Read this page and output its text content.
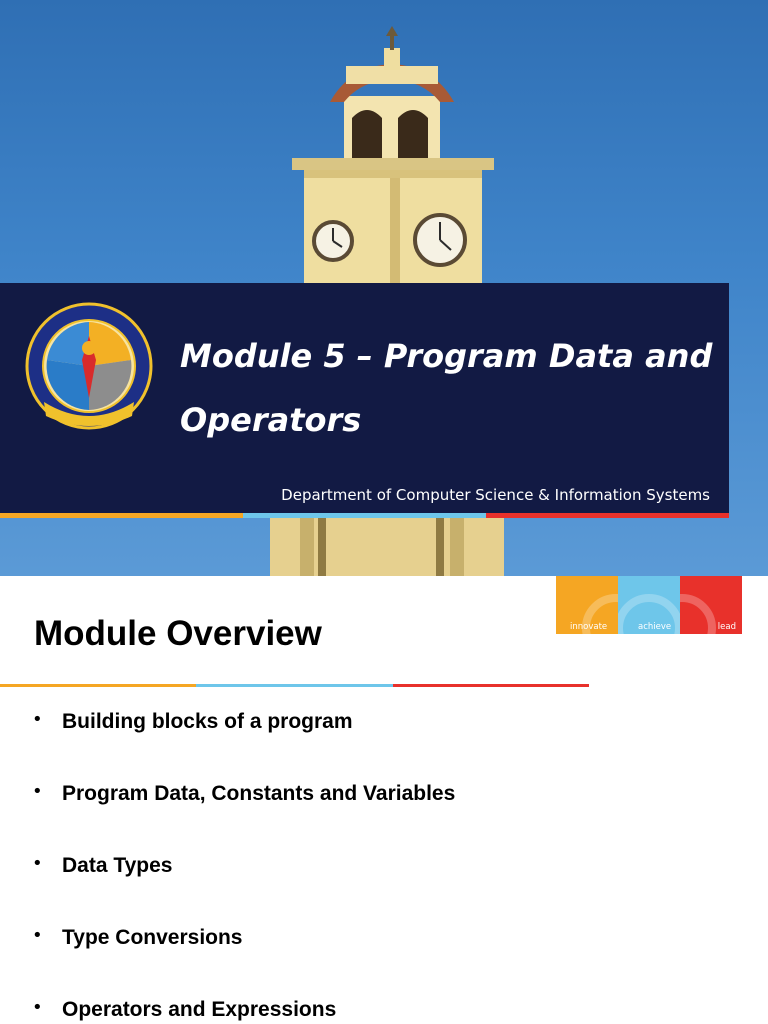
Module 5 – Program Data and Operators
Department of Computer Science & Information Systems
innovate	achieve	lead
Module Overview
• Building blocks of a program
• Program Data, Constants and Variables
• Data Types
• Type Conversions
• Operators and Expressions
